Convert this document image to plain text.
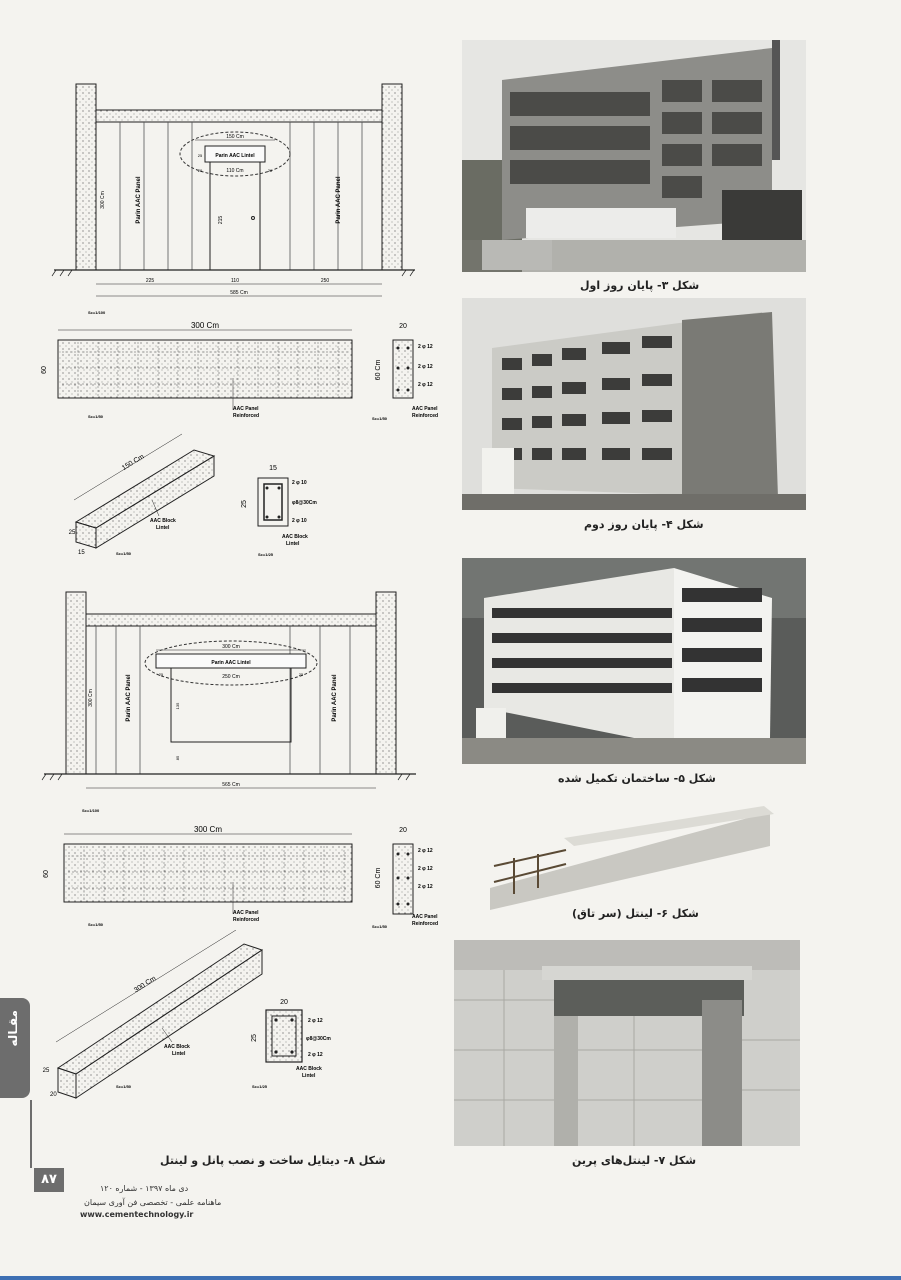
Parin AAC Lintel
150 Cm
110 Cm
20	20
25
215
300 Cm	Parin AAC Panel	Parin AAC Panel
225	110	250
585 Cm
Sc=1/100
300 Cm
60
AAC Panel
Reinforced
Sc=1/50
20
60 Cm
2 φ 12
2 φ 12
2 φ 12
AAC Panel
Reinforced
Sc=1/50
150 Cm
25
15
AAC Block
Lintel
Sc=1/50
15
25
2 φ 10
φ8@30Cm
2 φ 10
AAC Block
Lintel
Sc=1/25
Parin AAC Lintel
300 Cm
250 Cm
25	25
135
85
300 Cm	Parin AAC Panel	Parin AAC Panel
565 Cm
Sc=1/100
300 Cm
60
AAC Panel
Reinforced
Sc=1/50
20
60 Cm
2 φ 12
2 φ 12
2 φ 12
AAC Panel
Reinforced
Sc=1/50
300 Cm
25
20
AAC Block
Lintel
Sc=1/50
20
25
2 φ 12
φ8@30Cm
2 φ 12
AAC Block
Lintel
Sc=1/25
شکل ۸- دیتایل ساخت و نصب پانل و لینتل
شکل ۳- پایان روز اول
شکل ۴- پایان روز دوم
شکل ۵- ساختمان تکمیل شده
شکل ۶- لینتل (سر تاق)
شکل ۷- لینتل‌های پرین
مقـاله
۸۷
دی ماه ۱۳۹۷ - شماره ۱۲۰
ماهنامه علمی - تخصصی فن آوری سیمان
www.cementechnology.ir
